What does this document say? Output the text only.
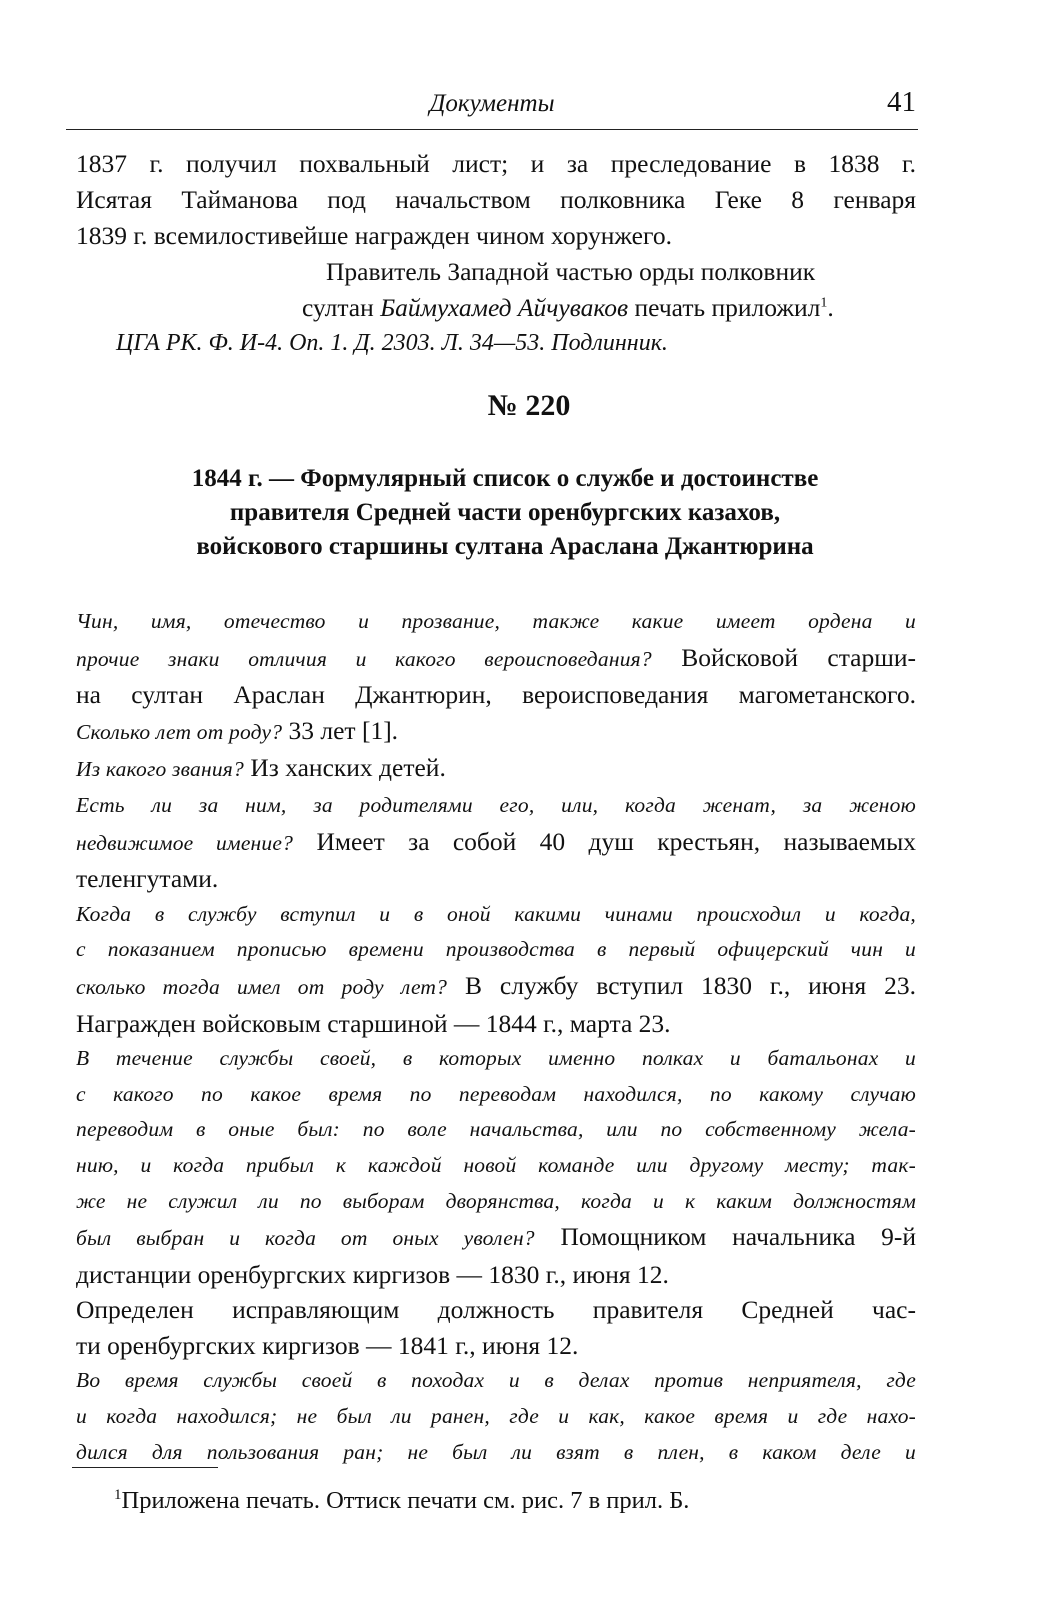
Документы	41
1837 г. получил похвальный лист; и за преследование в 1838 г.
Исятая Тайманова под начальством полковника Геке 8 генваря
1839 г. всемилостивейше награжден чином хорунжего.
Правитель Западной частью орды полковник
султан Баймухамед Айчуваков печать приложил$^1$.
ЦГА РК. Ф. И-4. Оп. 1. Д. 2303. Л. 34—53. Подлинник.
№ 220
1844 г. — Формулярный список о службе и достоинстве
правителя Средней части оренбургских казахов,
войскового старшины султана Араслана Джантюрина
Чин, имя, отечество и прозвание, также какие имеет ордена и
прочие знаки отличия и какого вероисповедания? Войсковой старши-
на султан Араслан Джантюрин, вероисповедания магометанского.
Сколько лет от роду? 33 лет [1].
Из какого звания? Из ханских детей.
Есть ли за ним, за родителями его, или, когда женат, за женою
недвижимое имение? Имеет за собой 40 душ крестьян, называемых
теленгутами.
Когда в службу вступил и в оной какими чинами происходил и когда,
с показанием прописью времени производства в первый офицерский чин и
сколько тогда имел от роду лет? В службу вступил 1830 г., июня 23.
Награжден войсковым старшиной — 1844 г., марта 23.
В течение службы своей, в которых именно полках и батальонах и
с какого по какое время по переводам находился, по какому случаю
переводим в оные был: по воле начальства, или по собственному жела-
нию, и когда прибыл к каждой новой команде или другому месту; так-
же не служил ли по выборам дворянства, когда и к каким должностям
был выбран и когда от оных уволен? Помощником начальника 9-й
дистанции оренбургских киргизов — 1830 г., июня 12.
Определен исправляющим должность правителя Средней час-
ти оренбургских киргизов — 1841 г., июня 12.
Во время службы своей в походах и в делах против неприятеля, где
и когда находился; не был ли ранен, где и как, какое время и где нахо-
дился для пользования ран; не был ли взят в плен, в каком деле и
$^1$Приложена печать. Оттиск печати см. рис. 7 в прил. Б.
